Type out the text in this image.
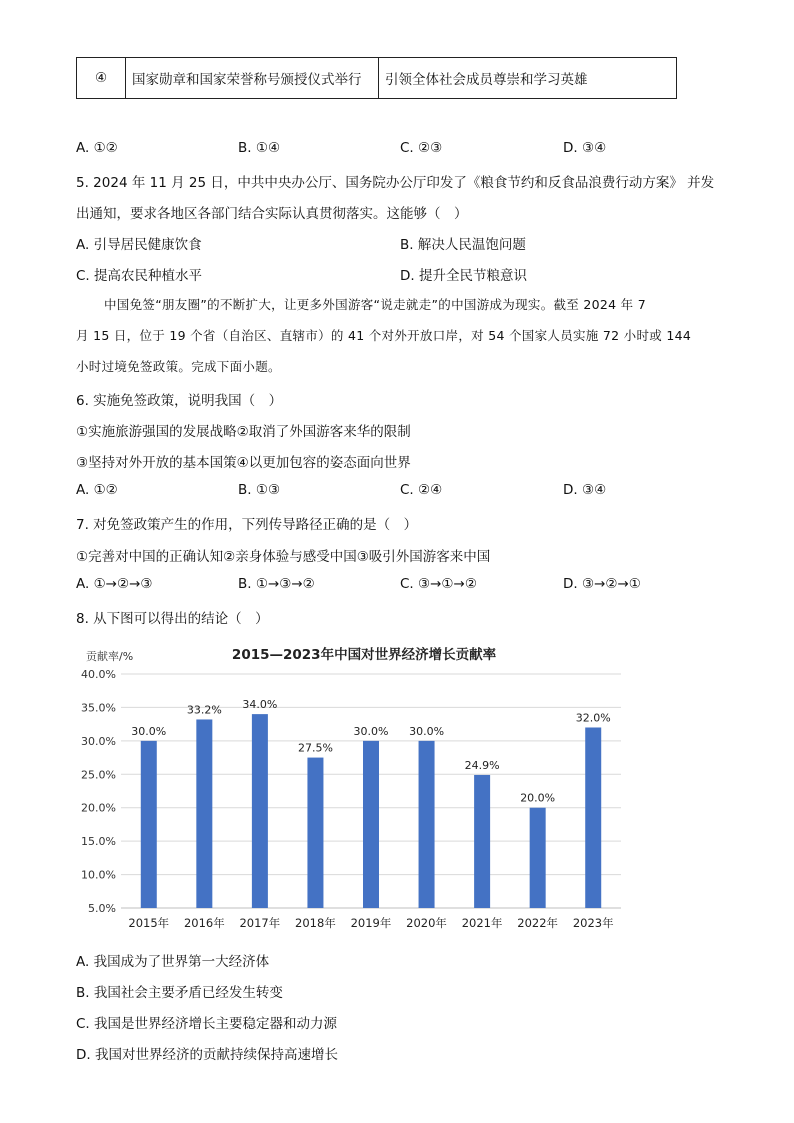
④	国家勋章和国家荣誉称号颁授仪式举行	引领全体社会成员尊崇和学习英雄
A. ①②	B. ①④	C. ②③	D. ③④
5. 2024 年 11 月 25 日，中共中央办公厅、国务院办公厅印发了《粮食节约和反食品浪费行动方案》 并发
出通知，要求各地区各部门结合实际认真贯彻落实。这能够（　）
A. 引导居民健康饮食	B. 解决人民温饱问题
C. 提高农民种植水平	D. 提升全民节粮意识
中国免签“朋友圈”的不断扩大，让更多外国游客“说走就走”的中国游成为现实。截至 2024 年 7
月 15 日，位于 19 个省（自治区、直辖市）的 41 个对外开放口岸，对 54 个国家人员实施 72 小时或 144
小时过境免签政策。完成下面小题。
6. 实施免签政策，说明我国（　）
①实施旅游强国的发展战略②取消了外国游客来华的限制
③坚持对外开放的基本国策④以更加包容的姿态面向世界
A. ①②	B. ①③	C. ②④	D. ③④
7. 对免签政策产生的作用，下列传导路径正确的是（　）
①完善对中国的正确认知②亲身体验与感受中国③吸引外国游客来中国
A. ①→②→③	B. ①→③→②	C. ③→①→②	D. ③→②→①
8. 从下图可以得出的结论（　）
贡献率/%	2015—2023年中国对世界经济增长贡献率
5.0%
10.0%
15.0%
20.0%
25.0%
30.0%
35.0%
40.0%
30.0%
33.2% 34.0%
27.5%
30.0% 30.0%
24.9%
20.0%
32.0%
2015年 2016年 2017年 2018年 2019年 2020年 2021年 2022年 2023年
A. 我国成为了世界第一大经济体
B. 我国社会主要矛盾已经发生转变
C. 我国是世界经济增长主要稳定器和动力源
D. 我国对世界经济的贡献持续保持高速增长
